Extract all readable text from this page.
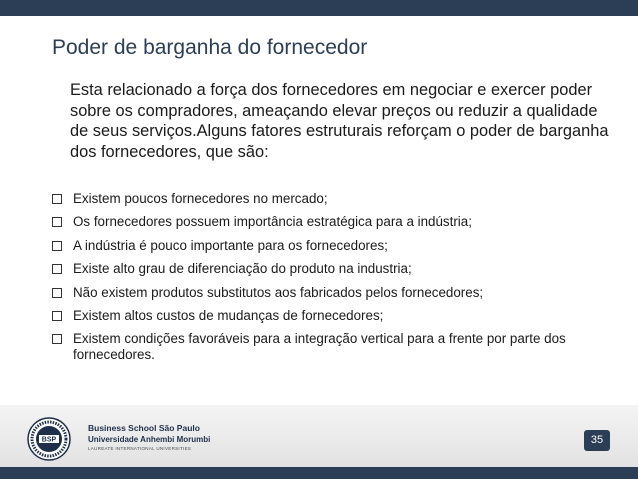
Poder de barganha do fornecedor
Esta relacionado a força dos fornecedores em negociar e exercer poder sobre os compradores, ameaçando elevar preços ou reduzir a qualidade de seus serviços.Alguns fatores estruturais reforçam o poder de barganha dos fornecedores, que são:
Existem poucos fornecedores no mercado;
Os fornecedores possuem importância estratégica para a indústria;
A indústria é pouco importante para os fornecedores;
Existe alto grau de diferenciação do produto na industria;
Não existem produtos substitutos aos fabricados pelos fornecedores;
Existem altos custos de mudanças de fornecedores;
Existem condições favoráveis para a integração vertical para a frente por parte dos fornecedores.
BSP
Business School São Paulo
Universidade Anhembi Morumbi
LAUREATE INTERNATIONAL UNIVERSITIES
35
